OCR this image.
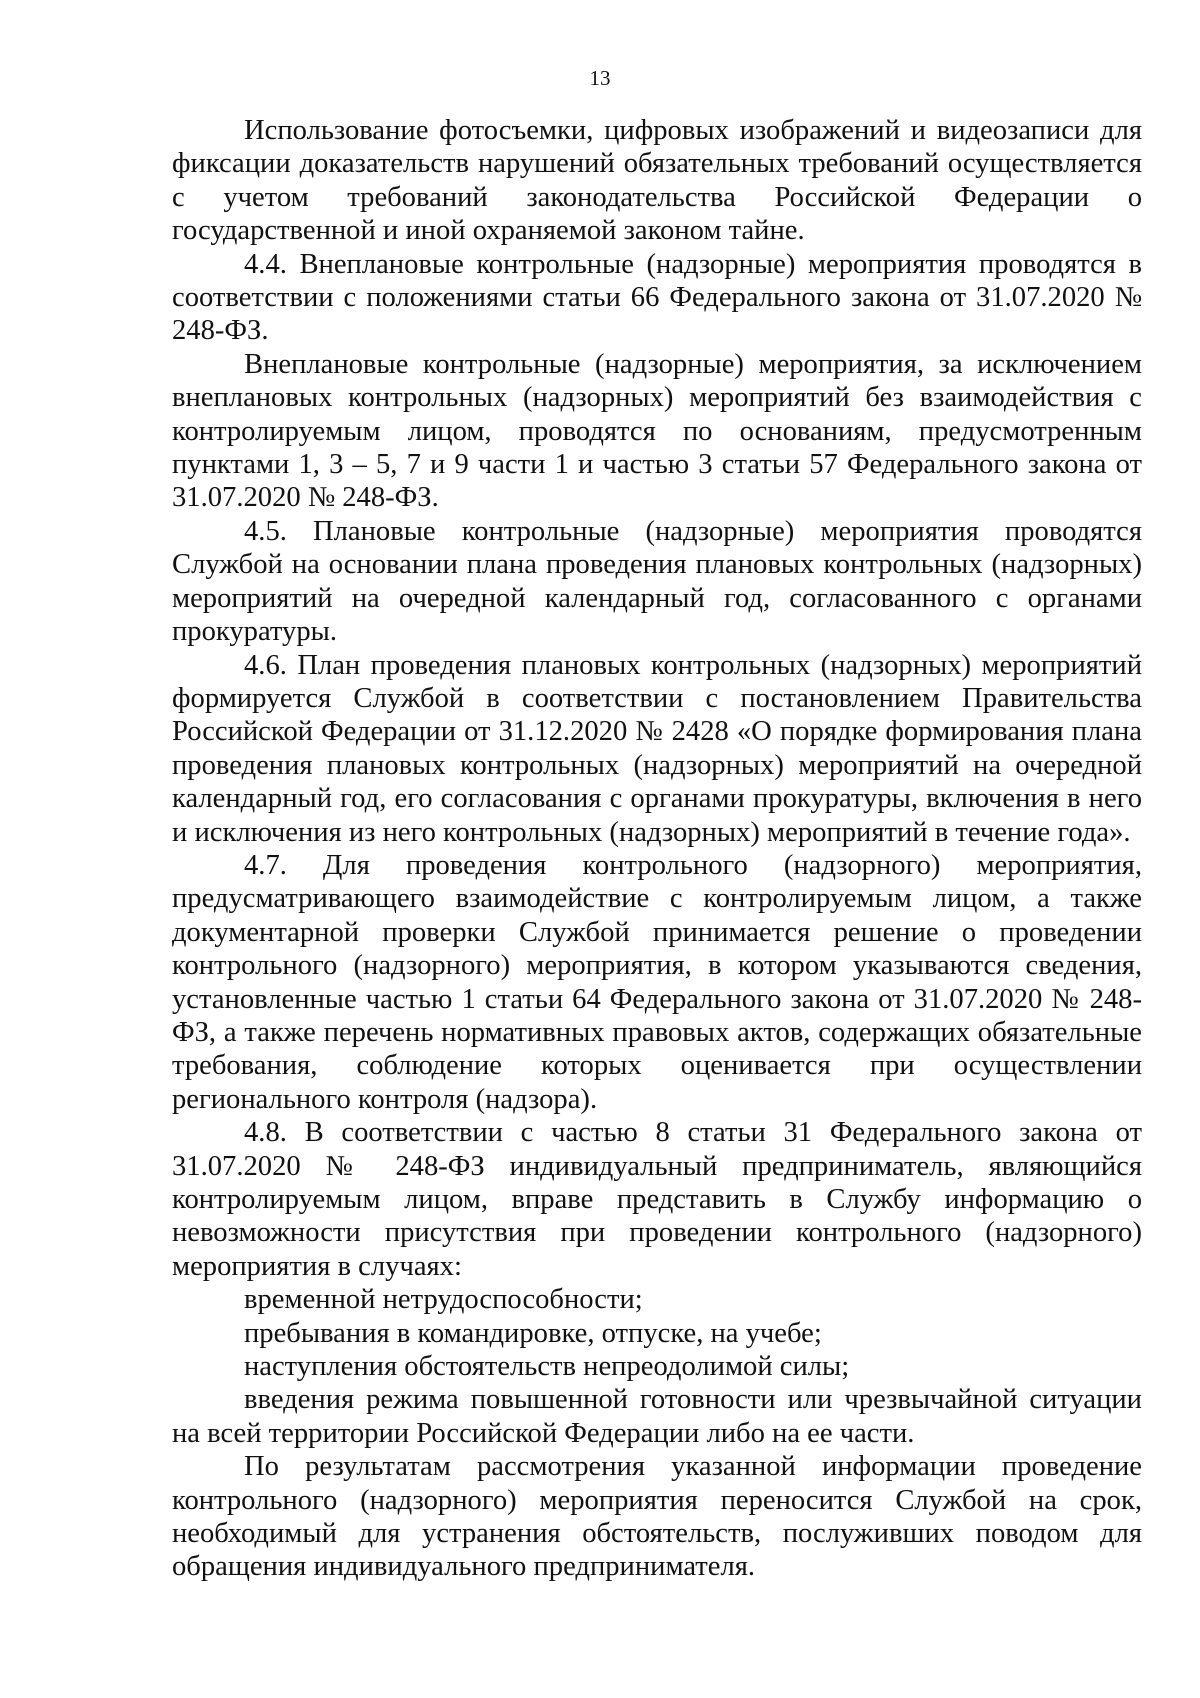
13

Использование фотосъемки, цифровых изображений и видеозаписи для фиксации доказательств нарушений обязательных требований осуществляется с учетом требований законодательства Российской Федерации о государственной и иной охраняемой законом тайне.

4.4. Внеплановые контрольные (надзорные) мероприятия проводятся в соответствии с положениями статьи 66 Федерального закона от 31.07.2020 № 248-ФЗ.

Внеплановые контрольные (надзорные) мероприятия, за исключением внеплановых контрольных (надзорных) мероприятий без взаимодействия с контролируемым лицом, проводятся по основаниям, предусмотренным пунктами 1, 3 – 5, 7 и 9 части 1 и частью 3 статьи 57 Федерального закона от 31.07.2020 № 248-ФЗ.

4.5. Плановые контрольные (надзорные) мероприятия проводятся Службой на основании плана проведения плановых контрольных (надзорных) мероприятий на очередной календарный год, согласованного с органами прокуратуры.

4.6. План проведения плановых контрольных (надзорных) мероприятий формируется Службой в соответствии с постановлением Правительства Российской Федерации от 31.12.2020 № 2428 «О порядке формирования плана проведения плановых контрольных (надзорных) мероприятий на очередной календарный год, его согласования с органами прокуратуры, включения в него и исключения из него контрольных (надзорных) мероприятий в течение года».

4.7. Для проведения контрольного (надзорного) мероприятия, предусматривающего взаимодействие с контролируемым лицом, а также документарной проверки Службой принимается решение о проведении контрольного (надзорного) мероприятия, в котором указываются сведения, установленные частью 1 статьи 64 Федерального закона от 31.07.2020 № 248-ФЗ, а также перечень нормативных правовых актов, содержащих обязательные требования, соблюдение которых оценивается при осуществлении регионального контроля (надзора).

4.8. В соответствии с частью 8 статьи 31 Федерального закона от 31.07.2020 № 248-ФЗ индивидуальный предприниматель, являющийся контролируемым лицом, вправе представить в Службу информацию о невозможности присутствия при проведении контрольного (надзорного) мероприятия в случаях:

временной нетрудоспособности;

пребывания в командировке, отпуске, на учебе;

наступления обстоятельств непреодолимой силы;

введения режима повышенной готовности или чрезвычайной ситуации на всей территории Российской Федерации либо на ее части.

По результатам рассмотрения указанной информации проведение контрольного (надзорного) мероприятия переносится Службой на срок, необходимый для устранения обстоятельств, послуживших поводом для обращения индивидуального предпринимателя.
